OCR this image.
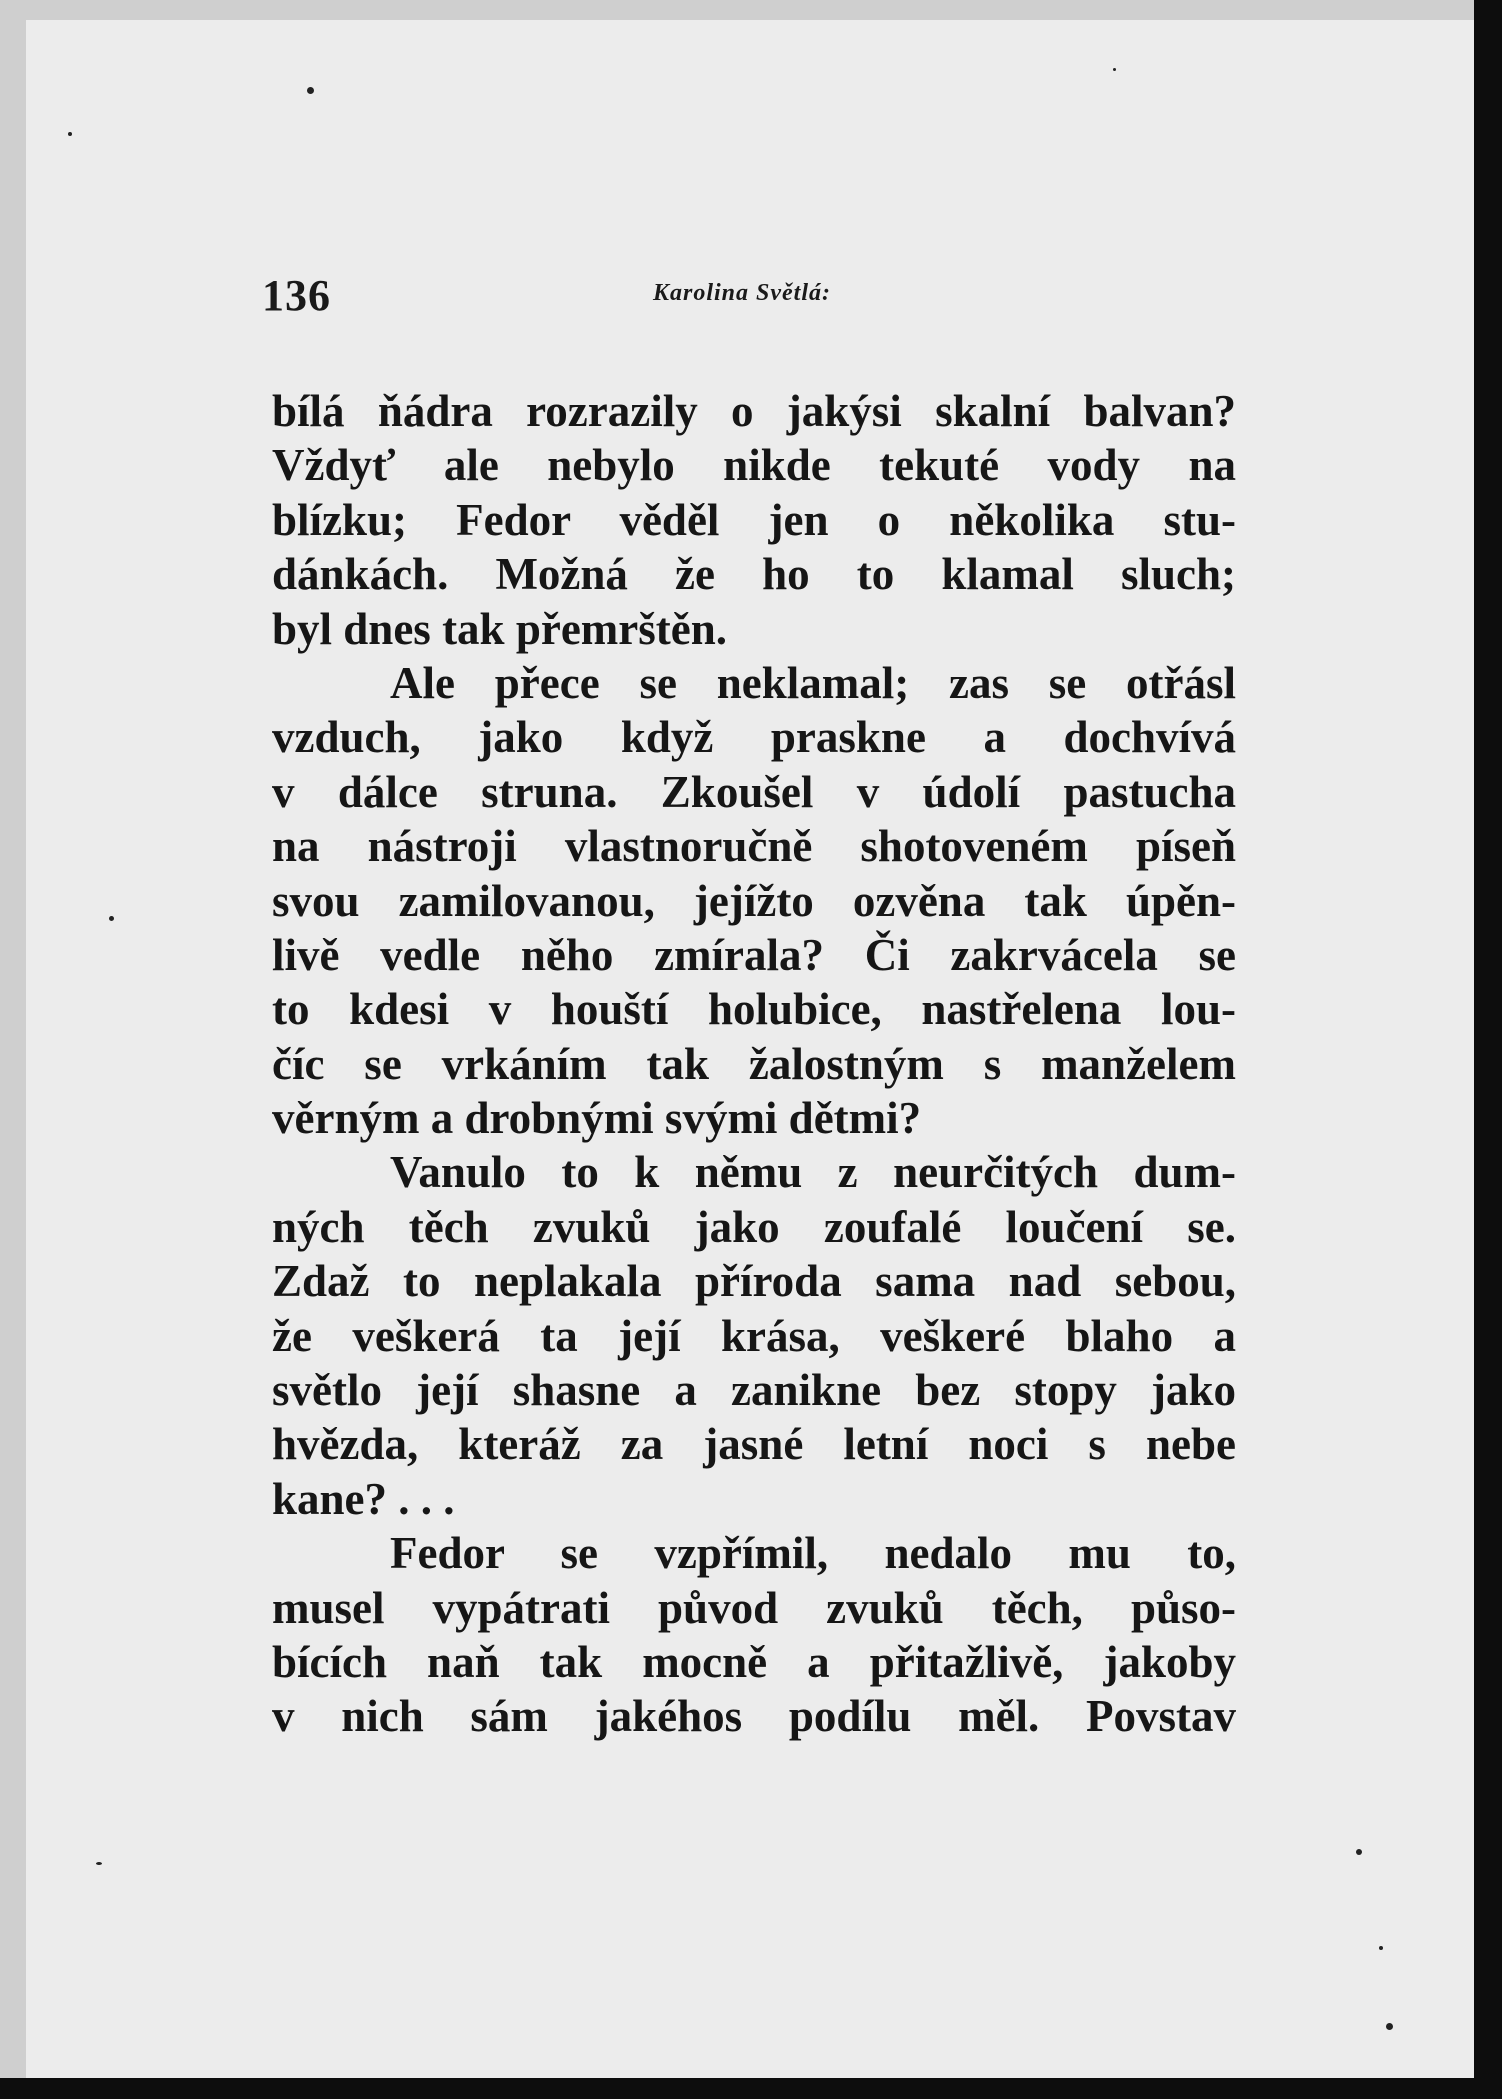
136	Karolina Světlá:
bílá ňádra rozrazily o jakýsi skalní balvan?
Vždyť ale nebylo nikde tekuté vody na
blízku; Fedor věděl jen o několika stu-
dánkách. Možná že ho to klamal sluch;
byl dnes tak přemrštěn.
Ale přece se neklamal; zas se otřásl
vzduch, jako když praskne a dochvívá
v dálce struna. Zkoušel v údolí pastucha
na nástroji vlastnoručně shotoveném píseň
svou zamilovanou, jejížto ozvěna tak úpěn-
livě vedle něho zmírala? Či zakrvácela se
to kdesi v houští holubice, nastřelena lou-
číc se vrkáním tak žalostným s manželem
věrným a drobnými svými dětmi?
Vanulo to k němu z neurčitých dum-
ných těch zvuků jako zoufalé loučení se.
Zdaž to neplakala příroda sama nad sebou,
že veškerá ta její krása, veškeré blaho a
světlo její shasne a zanikne bez stopy jako
hvězda, kteráž za jasné letní noci s nebe
kane? . . .
Fedor se vzpřímil, nedalo mu to,
musel vypátrati původ zvuků těch, půso-
bících naň tak mocně a přitažlivě, jakoby
v nich sám jakéhos podílu měl. Povstav
